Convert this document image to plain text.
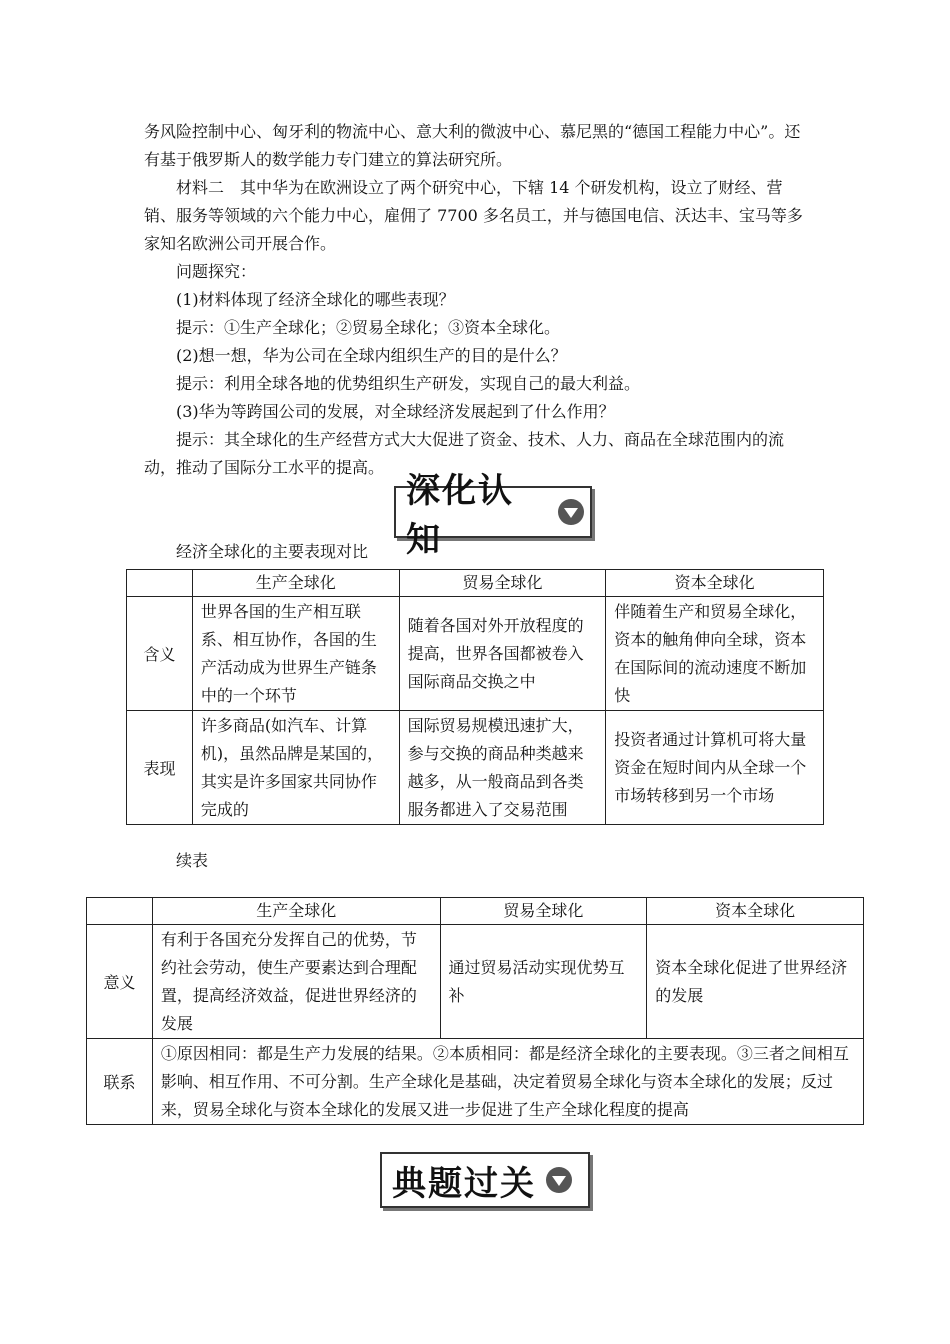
务风险控制中心、匈牙利的物流中心、意大利的微波中心、慕尼黑的“德国工程能力中心”。还有基于俄罗斯人的数学能力专门建立的算法研究所。

材料二　其中华为在欧洲设立了两个研究中心，下辖 14 个研发机构，设立了财经、营销、服务等领域的六个能力中心，雇佣了 7700 多名员工，并与德国电信、沃达丰、宝马等多家知名欧洲公司开展合作。

问题探究：

(1)材料体现了经济全球化的哪些表现？

提示：①生产全球化；②贸易全球化；③资本全球化。

(2)想一想，华为公司在全球内组织生产的目的是什么？

提示：利用全球各地的优势组织生产研发，实现自己的最大利益。

(3)华为等跨国公司的发展，对全球经济发展起到了什么作用？

提示：其全球化的生产经营方式大大促进了资金、技术、人力、商品在全球范围内的流动，推动了国际分工水平的提高。

深化认知
经济全球化的主要表现对比
	生产全球化	贸易全球化	资本全球化
含义	世界各国的生产相互联系、相互协作，各国的生产活动成为世界生产链条中的一个环节	随着各国对外开放程度的提高，世界各国都被卷入国际商品交换之中	伴随着生产和贸易全球化，资本的触角伸向全球，资本在国际间的流动速度不断加快
表现	许多商品(如汽车、计算机)，虽然品牌是某国的，其实是许多国家共同协作完成的	国际贸易规模迅速扩大，参与交换的商品种类越来越多，从一般商品到各类服务都进入了交易范围	投资者通过计算机可将大量资金在短时间内从全球一个市场转移到另一个市场
续表
	生产全球化	贸易全球化	资本全球化
意义	有利于各国充分发挥自己的优势，节约社会劳动，使生产要素达到合理配置，提高经济效益，促进世界经济的发展	通过贸易活动实现优势互补	资本全球化促进了世界经济的发展
联系	①原因相同：都是生产力发展的结果。②本质相同：都是经济全球化的主要表现。③三者之间相互影响、相互作用、不可分割。生产全球化是基础，决定着贸易全球化与资本全球化的发展；反过来，贸易全球化与资本全球化的发展又进一步促进了生产全球化程度的提高		
典题过关
